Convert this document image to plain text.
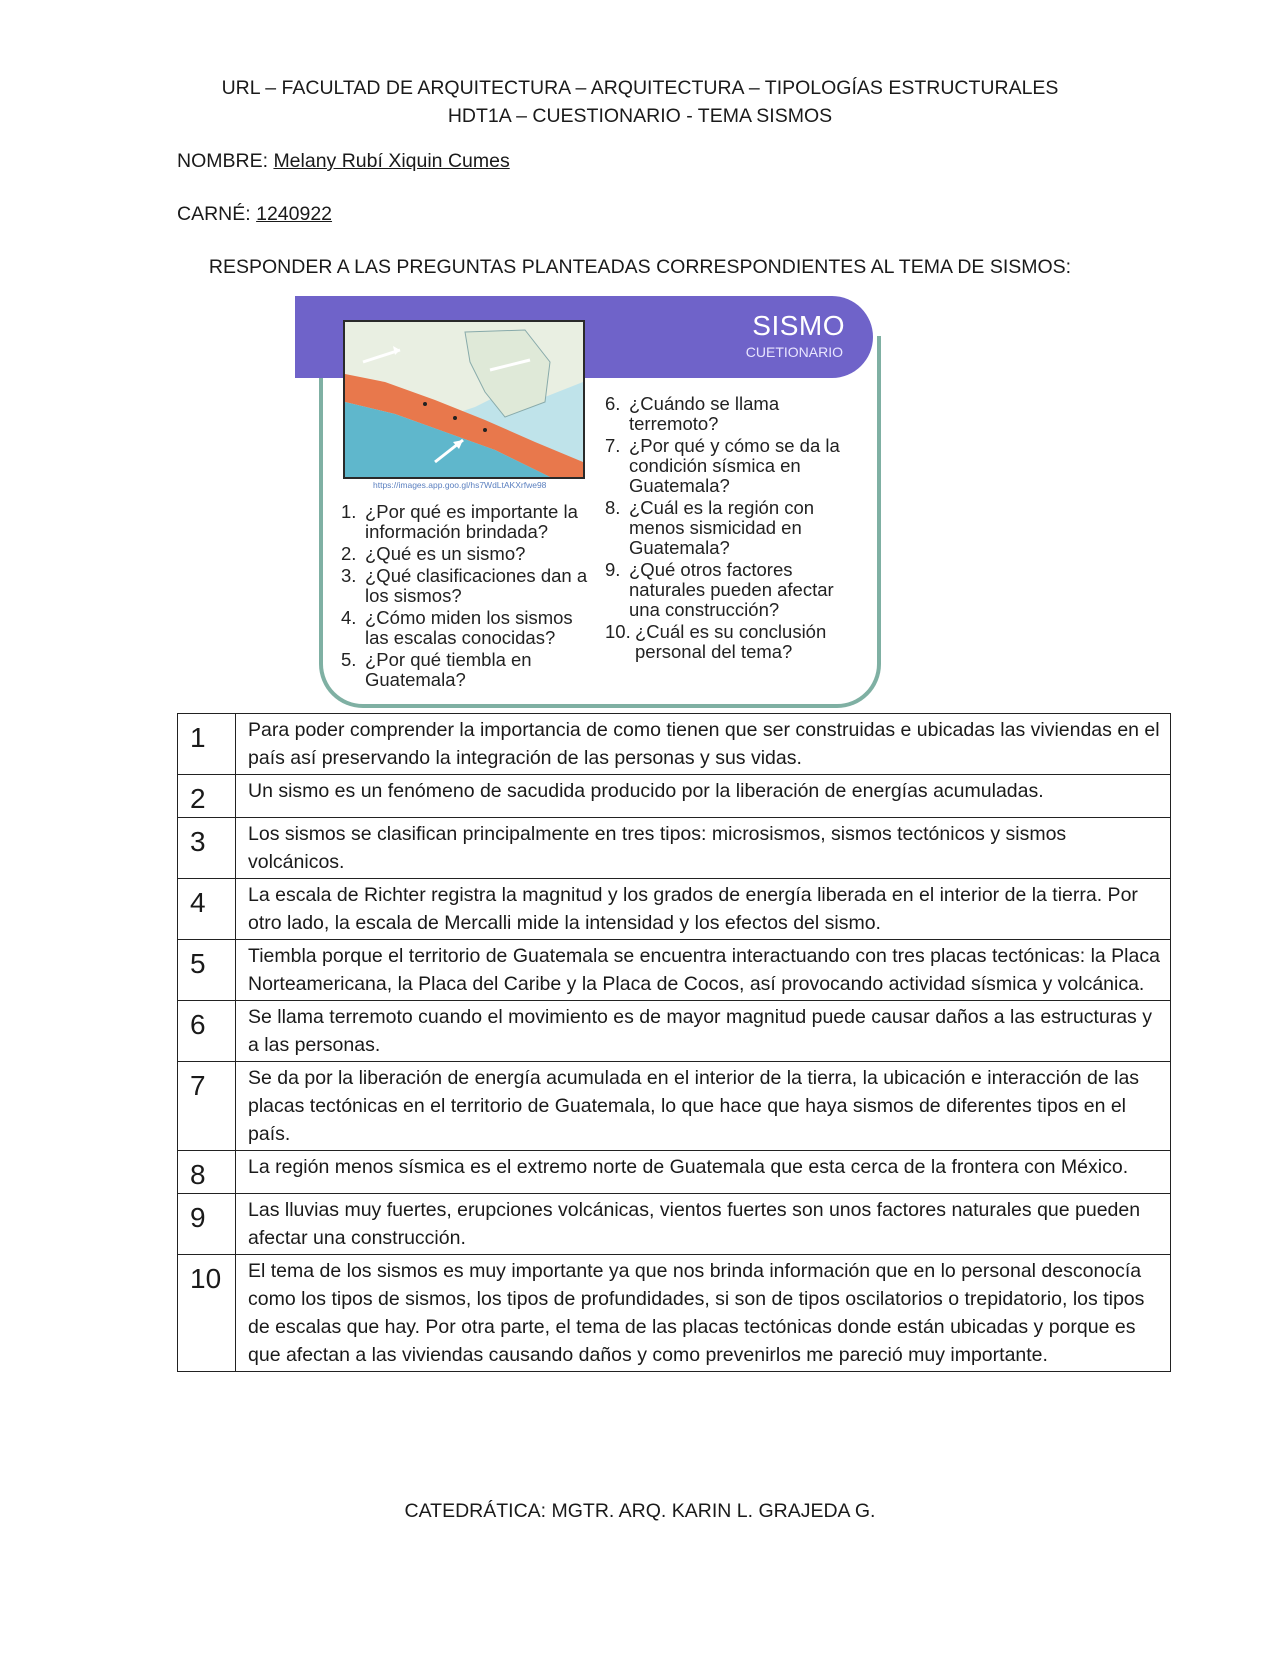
URL – FACULTAD DE ARQUITECTURA – ARQUITECTURA – TIPOLOGÍAS ESTRUCTURALES
HDT1A – CUESTIONARIO - TEMA SISMOS
NOMBRE: Melany Rubí Xiquin Cumes
CARNÉ: 1240922
RESPONDER A LAS PREGUNTAS PLANTEADAS CORRESPONDIENTES AL TEMA DE SISMOS:
SISMO
CUETIONARIO
https://images.app.goo.gl/hs7WdLtAKXrfwe98
1. ¿Por qué es importante la información brindada?
2. ¿Qué es un sismo?
3. ¿Qué clasificaciones dan a los sismos?
4. ¿Cómo miden los sismos las escalas conocidas?
5. ¿Por qué tiembla en Guatemala?
6. ¿Cuándo se llama terremoto?
7. ¿Por qué y cómo se da la condición sísmica en Guatemala?
8. ¿Cuál es la región con menos sismicidad en Guatemala?
9. ¿Qué otros factores naturales pueden afectar una construcción?
10. ¿Cuál es su conclusión personal del tema?
1	Para poder comprender la importancia de como tienen que ser construidas e ubicadas las viviendas en el país así preservando la integración de las personas y sus vidas.
2	Un sismo es un fenómeno de sacudida producido por la liberación de energías acumuladas.
3	Los sismos se clasifican principalmente en tres tipos: microsismos, sismos tectónicos y sismos volcánicos.
4	La escala de Richter registra la magnitud y los grados de energía liberada en el interior de la tierra. Por otro lado, la escala de Mercalli mide la intensidad y los efectos del sismo.
5	Tiembla porque el territorio de Guatemala se encuentra interactuando con tres placas tectónicas: la Placa Norteamericana, la Placa del Caribe y la Placa de Cocos, así provocando actividad sísmica y volcánica.
6	Se llama terremoto cuando el movimiento es de mayor magnitud puede causar daños a las estructuras y a las personas.
7	Se da por la liberación de energía acumulada en el interior de la tierra, la ubicación e interacción de las placas tectónicas en el territorio de Guatemala, lo que hace que haya sismos de diferentes tipos en el país.
8	La región menos sísmica es el extremo norte de Guatemala que esta cerca de la frontera con México.
9	Las lluvias muy fuertes, erupciones volcánicas, vientos fuertes son unos factores naturales que pueden afectar una construcción.
10	El tema de los sismos es muy importante ya que nos brinda información que en lo personal desconocía como los tipos de sismos, los tipos de profundidades, si son de tipos oscilatorios o trepidatorio, los tipos de escalas que hay. Por otra parte, el tema de las placas tectónicas donde están ubicadas y porque es que afectan a las viviendas causando daños y como prevenirlos me pareció muy importante.
CATEDRÁTICA: MGTR. ARQ. KARIN L. GRAJEDA G.
